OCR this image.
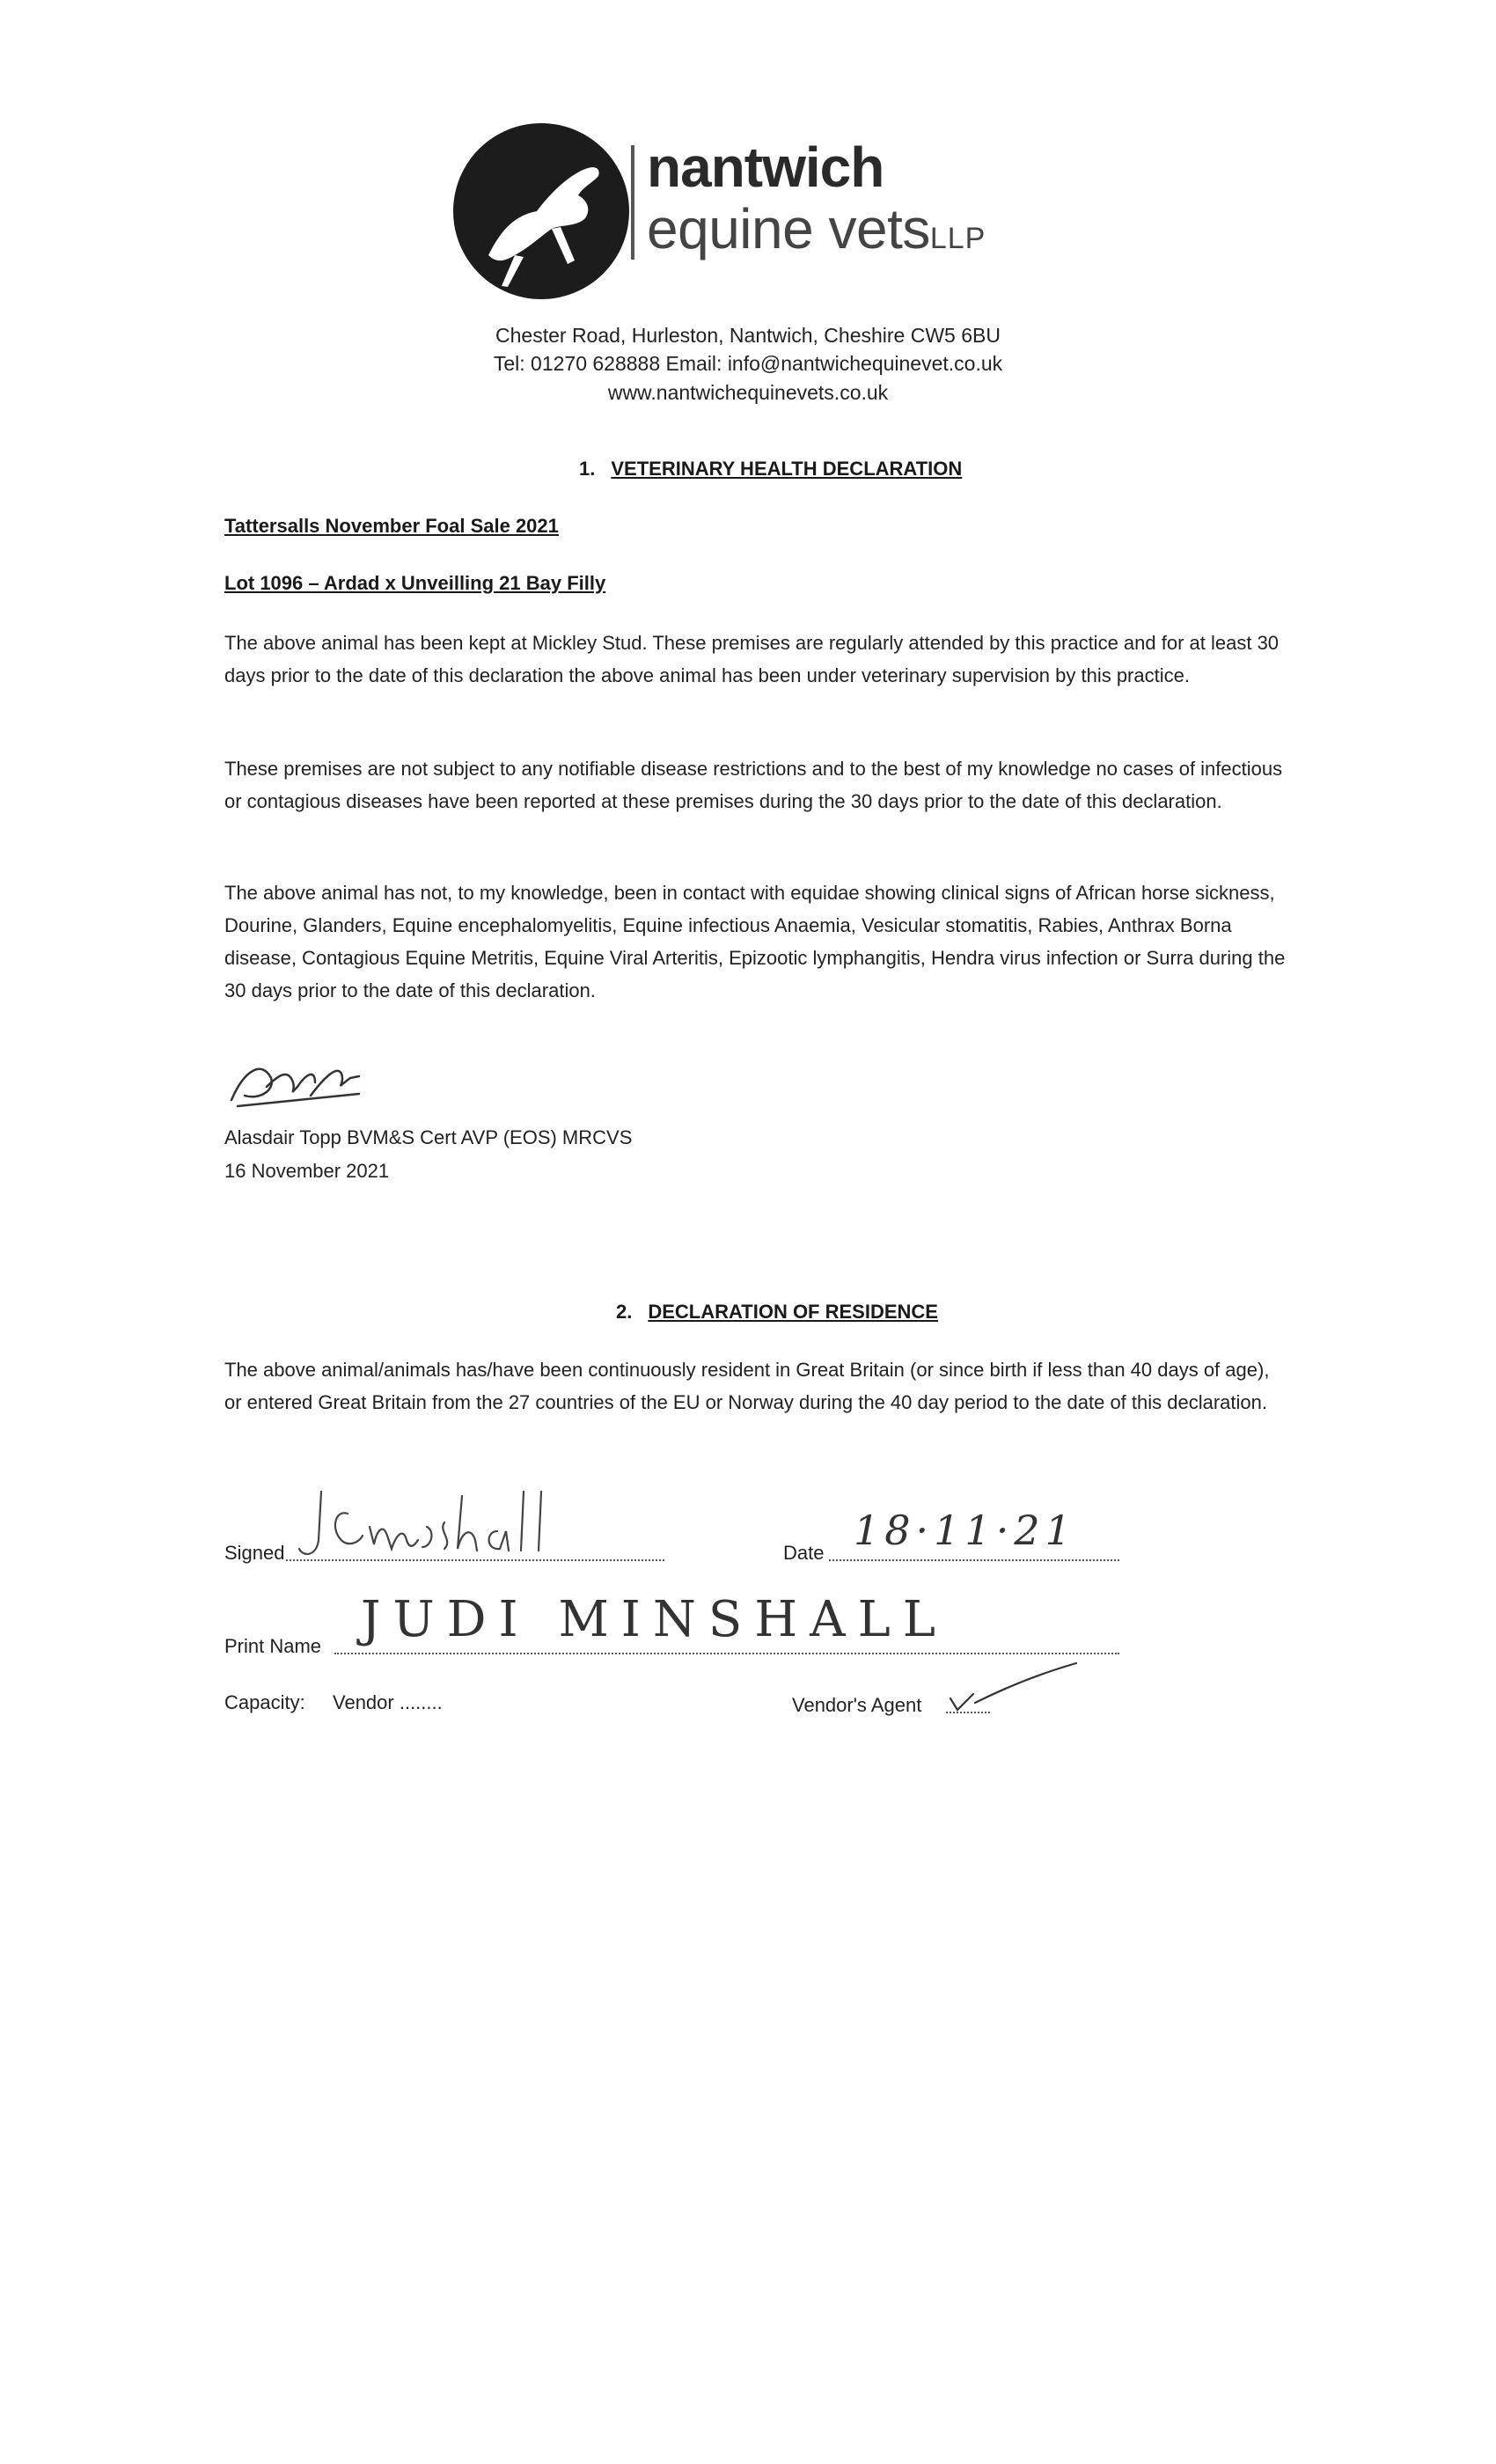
nantwich
equine vetsLLP
Chester Road, Hurleston, Nantwich, Cheshire CW5 6BU
Tel: 01270 628888 Email: info@nantwichequinevet.co.uk
www.nantwichequinevets.co.uk
1. VETERINARY HEALTH DECLARATION
Tattersalls November Foal Sale 2021
Lot 1096 – Ardad x Unveilling 21 Bay Filly

The above animal has been kept at Mickley Stud. These premises are regularly attended by this practice and for at least 30 days prior to the date of this declaration the above animal has been under veterinary supervision by this practice.

These premises are not subject to any notifiable disease restrictions and to the best of my knowledge no cases of infectious or contagious diseases have been reported at these premises during the 30 days prior to the date of this declaration.

The above animal has not, to my knowledge, been in contact with equidae showing clinical signs of African horse sickness, Dourine, Glanders, Equine encephalomyelitis, Equine infectious Anaemia, Vesicular stomatitis, Rabies, Anthrax Borna disease, Contagious Equine Metritis, Equine Viral Arteritis, Epizootic lymphangitis, Hendra virus infection or Surra during the 30 days prior to the date of this declaration.

Alasdair Topp BVM&S Cert AVP (EOS) MRCVS
16 November 2021
2. DECLARATION OF RESIDENCE

The above animal/animals has/have been continuously resident in Great Britain (or since birth if less than 40 days of age), or entered Great Britain from the 27 countries of the EU or Norway during the 40 day period to the date of this declaration.

Signed	Date 18·11·21
Print Name JUDI MINSHALL
Capacity: Vendor ........	Vendor's Agent
